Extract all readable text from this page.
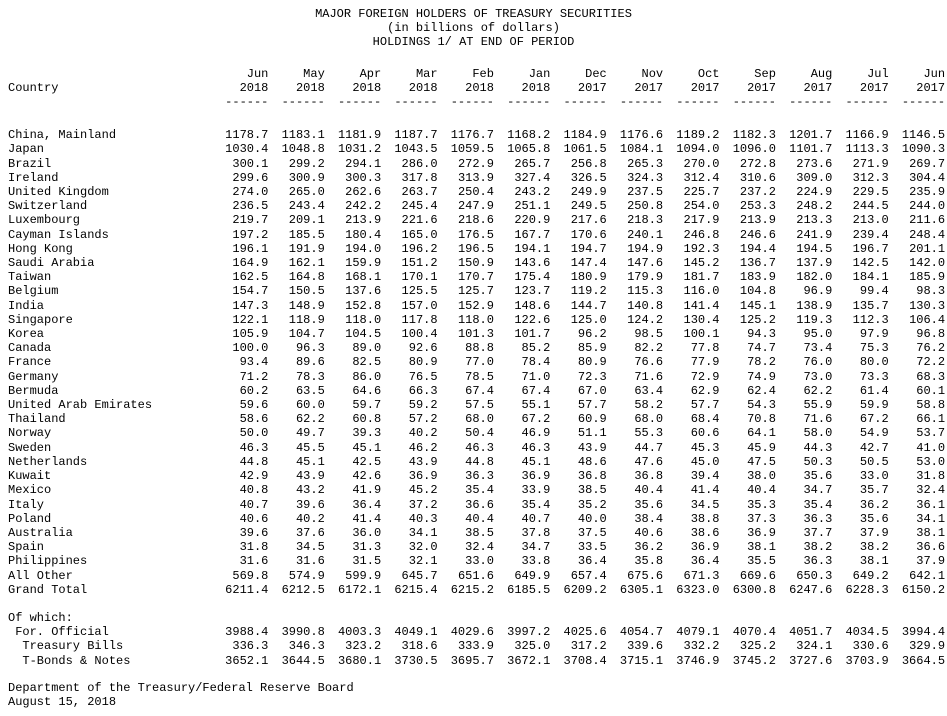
MAJOR FOREIGN HOLDERS OF TREASURY SECURITIES
(in billions of dollars)
HOLDINGS 1/ AT END OF PERIOD
	Jun	May	Apr	Mar	Feb	Jan	Dec	Nov	Oct	Sep	Aug	Jul	Jun
Country	2018	2018	2018	2018	2018	2018	2017	2017	2017	2017	2017	2017	2017
	------	------	------	------	------	------	------	------	------	------	------	------	------
China, Mainland	1178.7	1183.1	1181.9	1187.7	1176.7	1168.2	1184.9	1176.6	1189.2	1182.3	1201.7	1166.9	1146.5
Japan	1030.4	1048.8	1031.2	1043.5	1059.5	1065.8	1061.5	1084.1	1094.0	1096.0	1101.7	1113.3	1090.3
Brazil	300.1	299.2	294.1	286.0	272.9	265.7	256.8	265.3	270.0	272.8	273.6	271.9	269.7
Ireland	299.6	300.9	300.3	317.8	313.9	327.4	326.5	324.3	312.4	310.6	309.0	312.3	304.4
United Kingdom	274.0	265.0	262.6	263.7	250.4	243.2	249.9	237.5	225.7	237.2	224.9	229.5	235.9
Switzerland	236.5	243.4	242.2	245.4	247.9	251.1	249.5	250.8	254.0	253.3	248.2	244.5	244.0
Luxembourg	219.7	209.1	213.9	221.6	218.6	220.9	217.6	218.3	217.9	213.9	213.3	213.0	211.6
Cayman Islands	197.2	185.5	180.4	165.0	176.5	167.7	170.6	240.1	246.8	246.6	241.9	239.4	248.4
Hong Kong	196.1	191.9	194.0	196.2	196.5	194.1	194.7	194.9	192.3	194.4	194.5	196.7	201.1
Saudi Arabia	164.9	162.1	159.9	151.2	150.9	143.6	147.4	147.6	145.2	136.7	137.9	142.5	142.0
Taiwan	162.5	164.8	168.1	170.1	170.7	175.4	180.9	179.9	181.7	183.9	182.0	184.1	185.9
Belgium	154.7	150.5	137.6	125.5	125.7	123.7	119.2	115.3	116.0	104.8	96.9	99.4	98.3
India	147.3	148.9	152.8	157.0	152.9	148.6	144.7	140.8	141.4	145.1	138.9	135.7	130.3
Singapore	122.1	118.9	118.0	117.8	118.0	122.6	125.0	124.2	130.4	125.2	119.3	112.3	106.4
Korea	105.9	104.7	104.5	100.4	101.3	101.7	96.2	98.5	100.1	94.3	95.0	97.9	96.8
Canada	100.0	96.3	89.0	92.6	88.8	85.2	85.9	82.2	77.8	74.7	73.4	75.3	76.2
France	93.4	89.6	82.5	80.9	77.0	78.4	80.9	76.6	77.9	78.2	76.0	80.0	72.2
Germany	71.2	78.3	86.0	76.5	78.5	71.0	72.3	71.6	72.9	74.9	73.0	73.3	68.3
Bermuda	60.2	63.5	64.6	66.3	67.4	67.4	67.0	63.4	62.9	62.4	62.2	61.4	60.1
United Arab Emirates	59.6	60.0	59.7	59.2	57.5	55.1	57.7	58.2	57.7	54.3	55.9	59.9	58.8
Thailand	58.6	62.2	60.8	57.2	68.0	67.2	60.9	68.0	68.4	70.8	71.6	67.2	66.1
Norway	50.0	49.7	39.3	40.2	50.4	46.9	51.1	55.3	60.6	64.1	58.0	54.9	53.7
Sweden	46.3	45.5	45.1	46.2	46.3	46.3	43.9	44.7	45.3	45.9	44.3	42.7	41.0
Netherlands	44.8	45.1	42.5	43.9	44.8	45.1	48.6	47.6	45.0	47.5	50.3	50.5	53.0
Kuwait	42.9	43.9	42.6	36.9	36.3	36.9	36.8	36.8	39.4	38.0	35.6	33.0	31.8
Mexico	40.8	43.2	41.9	45.2	35.4	33.9	38.5	40.4	41.4	40.4	34.7	35.7	32.4
Italy	40.7	39.6	36.4	37.2	36.6	35.4	35.2	35.6	34.5	35.3	35.4	36.2	36.1
Poland	40.6	40.2	41.4	40.3	40.4	40.7	40.0	38.4	38.8	37.3	36.3	35.6	34.1
Australia	39.6	37.6	36.0	34.1	38.5	37.8	37.5	40.6	38.6	36.9	37.7	37.9	38.1
Spain	31.8	34.5	31.3	32.0	32.4	34.7	33.5	36.2	36.9	38.1	38.2	38.2	36.6
Philippines	31.6	31.6	31.5	32.1	33.0	33.8	36.4	35.8	36.4	35.5	36.3	38.1	37.9
All Other	569.8	574.9	599.9	645.7	651.6	649.9	657.4	675.6	671.3	669.6	650.3	649.2	642.1
Grand Total	6211.4	6212.5	6172.1	6215.4	6215.2	6185.5	6209.2	6305.1	6323.0	6300.8	6247.6	6228.3	6150.2

Of which:													
For. Official	3988.4	3990.8	4003.3	4049.1	4029.6	3997.2	4025.6	4054.7	4079.1	4070.4	4051.7	4034.5	3994.4
Treasury Bills	336.3	346.3	323.2	318.6	333.9	325.0	317.2	339.6	332.2	325.2	324.1	330.6	329.9
T-Bonds & Notes	3652.1	3644.5	3680.1	3730.5	3695.7	3672.1	3708.4	3715.1	3746.9	3745.2	3727.6	3703.9	3664.5
Department of the Treasury/Federal Reserve Board
August 15, 2018
